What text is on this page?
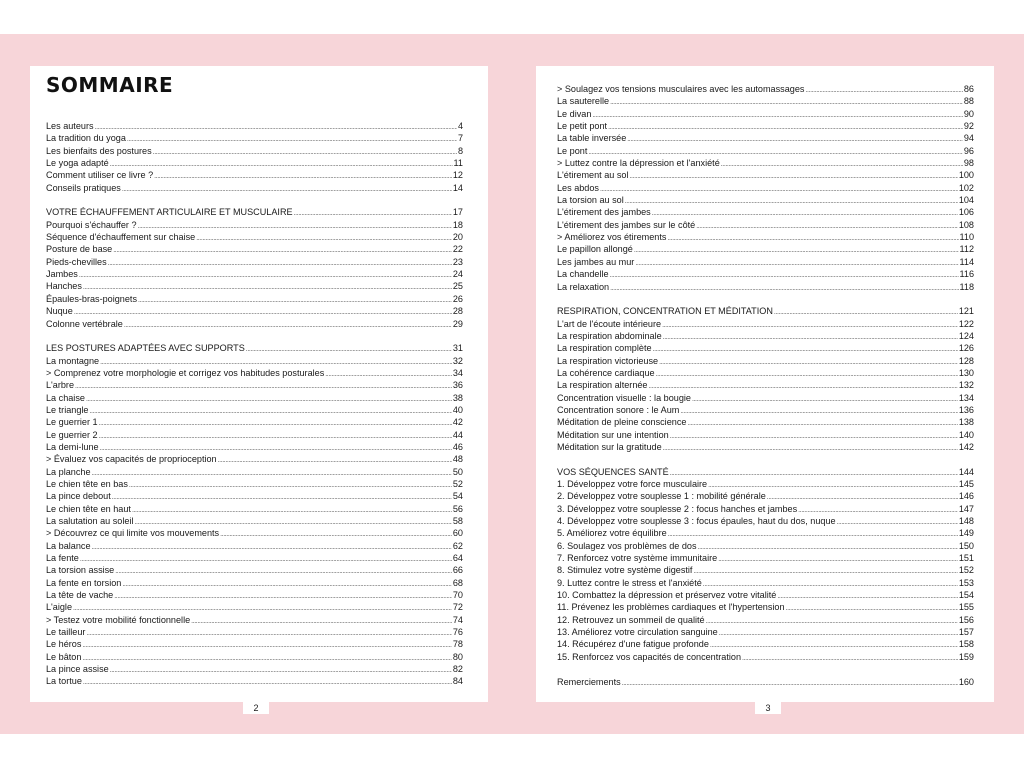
SOMMAIRE
Les auteurs .....	4
La tradition du yoga .....	7
Les bienfaits des postures .....	8
Le yoga adapté .....	11
Comment utiliser ce livre ? .....	12
Conseils pratiques .....	14
VOTRE ÉCHAUFFEMENT ARTICULAIRE ET MUSCULAIRE .....	17
Pourquoi s'échauffer ? .....	18
Séquence d'échauffement sur chaise .....	20
Posture de base .....	22
Pieds-chevilles .....	23
Jambes .....	24
Hanches .....	25
Épaules-bras-poignets .....	26
Nuque .....	28
Colonne vertébrale .....	29
LES POSTURES ADAPTÉES AVEC SUPPORTS .....	31
La montagne .....	32
> Comprenez votre morphologie et corrigez vos habitudes posturales .....	34
L'arbre .....	36
La chaise .....	38
Le triangle .....	40
Le guerrier 1 .....	42
Le guerrier 2 .....	44
La demi-lune .....	46
> Évaluez vos capacités de proprioception .....	48
La planche .....	50
Le chien tête en bas .....	52
La pince debout .....	54
Le chien tête en haut .....	56
La salutation au soleil .....	58
> Découvrez ce qui limite vos mouvements .....	60
La balance .....	62
La fente .....	64
La torsion assise .....	66
La fente en torsion .....	68
La tête de vache .....	70
L'aigle .....	72
> Testez votre mobilité fonctionnelle .....	74
Le tailleur .....	76
Le héros .....	78
Le bâton .....	80
La pince assise .....	82
La tortue .....	84
> Soulagez vos tensions musculaires avec les automassages .....	86
La sauterelle .....	88
Le divan .....	90
Le petit pont .....	92
La table inversée .....	94
Le pont .....	96
> Luttez contre la dépression et l'anxiété .....	98
L'étirement au sol .....	100
Les abdos .....	102
La torsion au sol .....	104
L'étirement des jambes .....	106
L'étirement des jambes sur le côté .....	108
> Améliorez vos étirements .....	110
Le papillon allongé .....	112
Les jambes au mur .....	114
La chandelle .....	116
La relaxation .....	118
RESPIRATION, CONCENTRATION ET MÉDITATION .....	121
L'art de l'écoute intérieure .....	122
La respiration abdominale .....	124
La respiration complète .....	126
La respiration victorieuse .....	128
La cohérence cardiaque .....	130
La respiration alternée .....	132
Concentration visuelle : la bougie .....	134
Concentration sonore : le Aum .....	136
Méditation de pleine conscience .....	138
Méditation sur une intention .....	140
Méditation sur la gratitude .....	142
VOS SÉQUENCES SANTÉ .....	144
1. Développez votre force musculaire .....	145
2. Développez votre souplesse 1 : mobilité générale .....	146
3. Développez votre souplesse 2 : focus hanches et jambes .....	147
4. Développez votre souplesse 3 : focus épaules, haut du dos, nuque .....	148
5. Améliorez votre équilibre .....	149
6. Soulagez vos problèmes de dos .....	150
7. Renforcez votre système immunitaire .....	151
8. Stimulez votre système digestif .....	152
9. Luttez contre le stress et l'anxiété .....	153
10. Combattez la dépression et préservez votre vitalité .....	154
11. Prévenez les problèmes cardiaques et l'hypertension .....	155
12. Retrouvez un sommeil de qualité .....	156
13. Améliorez votre circulation sanguine .....	157
14. Récupérez d'une fatigue profonde .....	158
15. Renforcez vos capacités de concentration .....	159
Remerciements .....	160
2	3
